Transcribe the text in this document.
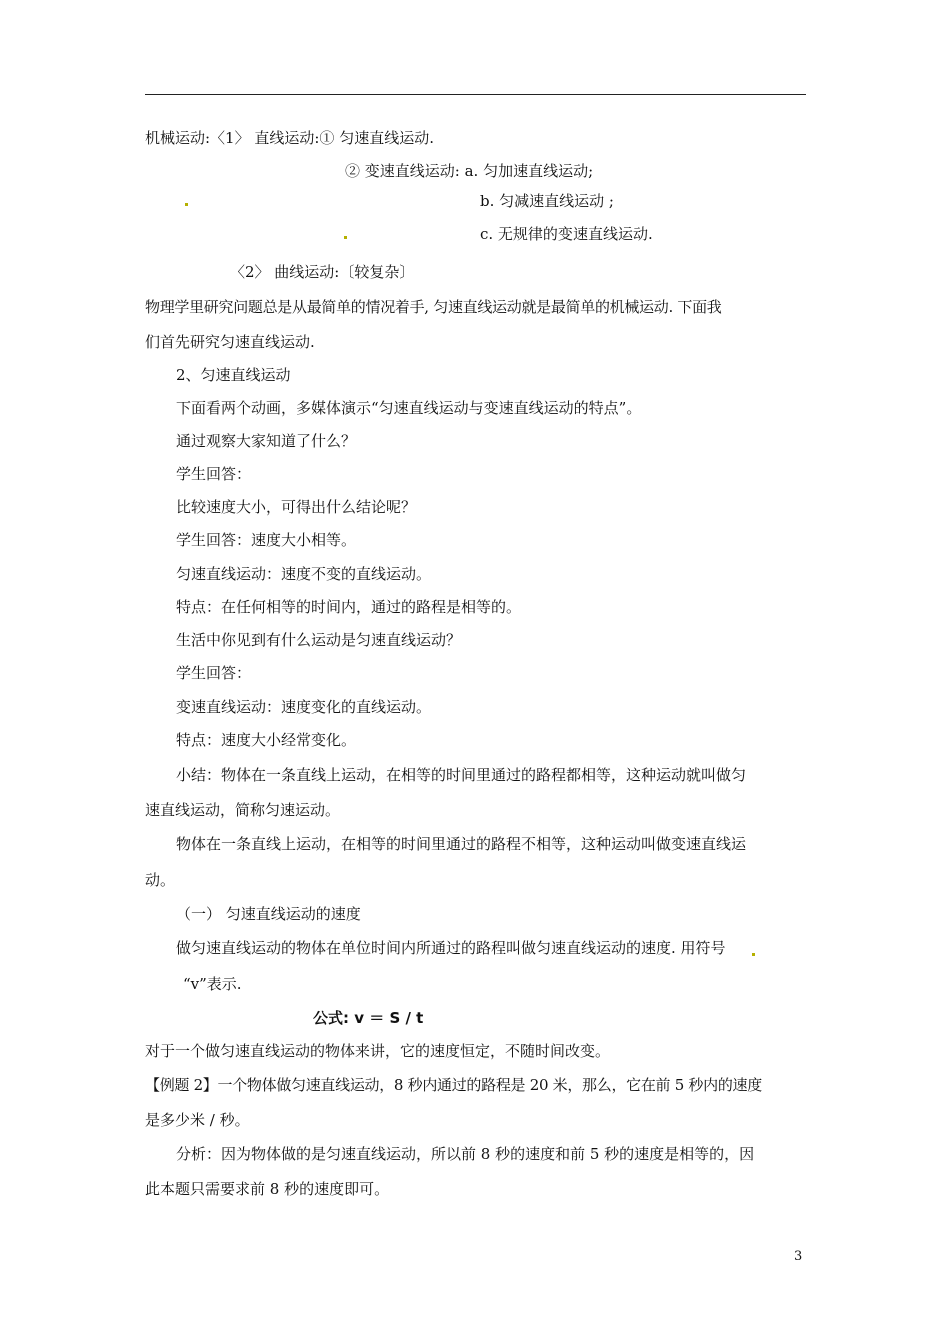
机械运动:〈1〉 直线运动:① 匀速直线运动.
② 变速直线运动: a. 匀加速直线运动;
b. 匀减速直线运动 ;
c. 无规律的变速直线运动.
〈2〉 曲线运动:〔较复杂〕
物理学里研究问题总是从最简单的情况着手, 匀速直线运动就是最简单的机械运动. 下面我
们首先研究匀速直线运动.
2、匀速直线运动
下面看两个动画，多媒体演示“匀速直线运动与变速直线运动的特点”。
通过观察大家知道了什么？
学生回答：
比较速度大小，可得出什么结论呢？
学生回答：速度大小相等。
匀速直线运动：速度不变的直线运动。
特点：在任何相等的时间内，通过的路程是相等的。
生活中你见到有什么运动是匀速直线运动？
学生回答：
变速直线运动：速度变化的直线运动。
特点：速度大小经常变化。
小结：物体在一条直线上运动，在相等的时间里通过的路程都相等，这种运动就叫做匀
速直线运动，简称匀速运动。
物体在一条直线上运动，在相等的时间里通过的路程不相等，这种运动叫做变速直线运
动。
（一） 匀速直线运动的速度
做匀速直线运动的物体在单位时间内所通过的路程叫做匀速直线运动的速度. 用符号
“v”表示.
公式: v ＝ S / t
对于一个做匀速直线运动的物体来讲，它的速度恒定，不随时间改变。
【例题 2】一个物体做匀速直线运动，8 秒内通过的路程是 20 米，那么，它在前 5 秒内的速度
是多少米 / 秒。
分析：因为物体做的是匀速直线运动，所以前 8 秒的速度和前 5 秒的速度是相等的，因
此本题只需要求前 8 秒的速度即可。
3
